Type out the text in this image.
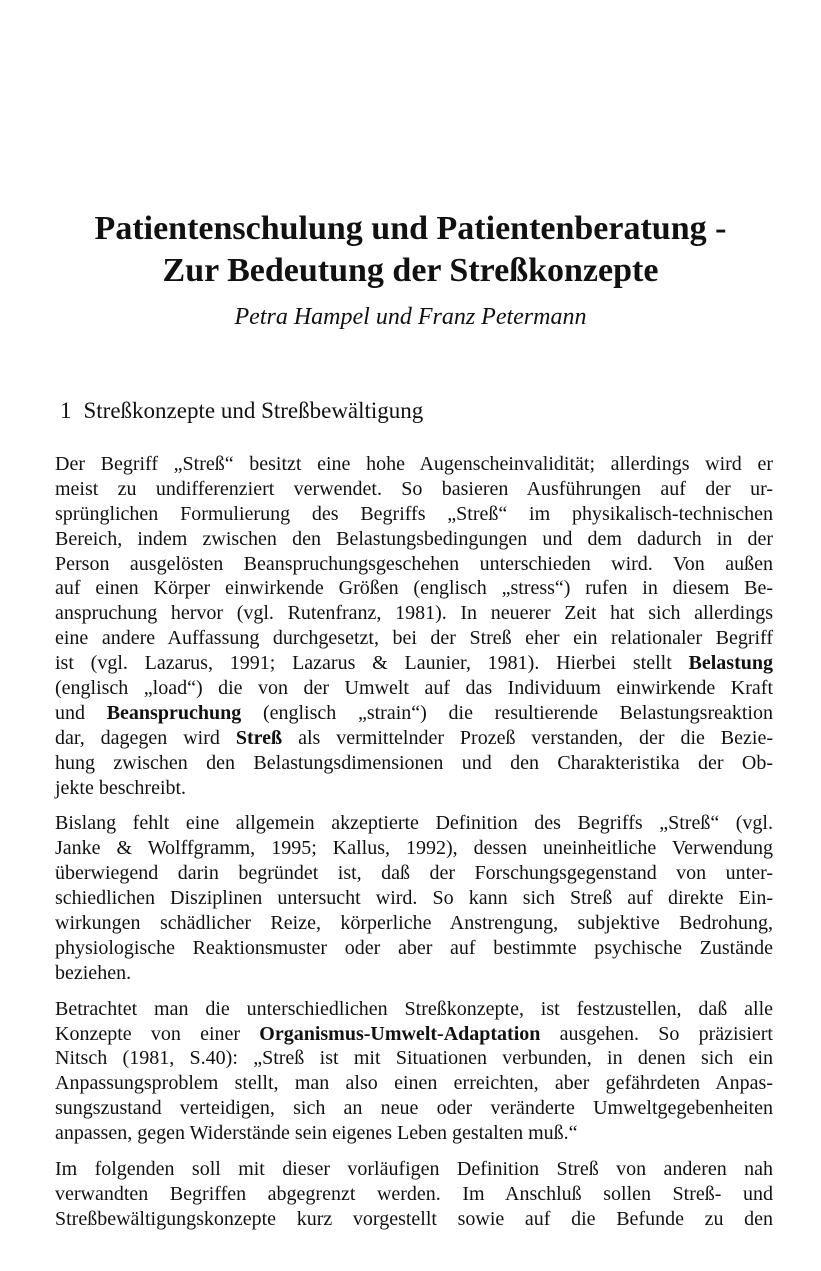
Patientenschulung und Patientenberatung -
Zur Bedeutung der Streßkonzepte

Petra Hampel und Franz Petermann

1 Streßkonzepte und Streßbewältigung

Der Begriff „Streß“ besitzt eine hohe Augenscheinvalidität; allerdings wird er
meist zu undifferenziert verwendet. So basieren Ausführungen auf der ur-
sprünglichen Formulierung des Begriffs „Streß“ im physikalisch-technischen
Bereich, indem zwischen den Belastungsbedingungen und dem dadurch in der
Person ausgelösten Beanspruchungsgeschehen unterschieden wird. Von außen
auf einen Körper einwirkende Größen (englisch „stress“) rufen in diesem Be-
anspruchung hervor (vgl. Rutenfranz, 1981). In neuerer Zeit hat sich allerdings
eine andere Auffassung durchgesetzt, bei der Streß eher ein relationaler Begriff
ist (vgl. Lazarus, 1991; Lazarus & Launier, 1981). Hierbei stellt Belastung
(englisch „load“) die von der Umwelt auf das Individuum einwirkende Kraft
und Beanspruchung (englisch „strain“) die resultierende Belastungsreaktion
dar, dagegen wird Streß als vermittelnder Prozeß verstanden, der die Bezie-
hung zwischen den Belastungsdimensionen und den Charakteristika der Ob-
jekte beschreibt.

Bislang fehlt eine allgemein akzeptierte Definition des Begriffs „Streß“ (vgl.
Janke & Wolffgramm, 1995; Kallus, 1992), dessen uneinheitliche Verwendung
überwiegend darin begründet ist, daß der Forschungsgegenstand von unter-
schiedlichen Disziplinen untersucht wird. So kann sich Streß auf direkte Ein-
wirkungen schädlicher Reize, körperliche Anstrengung, subjektive Bedrohung,
physiologische Reaktionsmuster oder aber auf bestimmte psychische Zustände
beziehen.

Betrachtet man die unterschiedlichen Streßkonzepte, ist festzustellen, daß alle
Konzepte von einer Organismus-Umwelt-Adaptation ausgehen. So präzisiert
Nitsch (1981, S.40): „Streß ist mit Situationen verbunden, in denen sich ein
Anpassungsproblem stellt, man also einen erreichten, aber gefährdeten Anpas-
sungszustand verteidigen, sich an neue oder veränderte Umweltgegebenheiten
anpassen, gegen Widerstände sein eigenes Leben gestalten muß.“

Im folgenden soll mit dieser vorläufigen Definition Streß von anderen nah
verwandten Begriffen abgegrenzt werden. Im Anschluß sollen Streß- und
Streßbewältigungskonzepte kurz vorgestellt sowie auf die Befunde zu den
